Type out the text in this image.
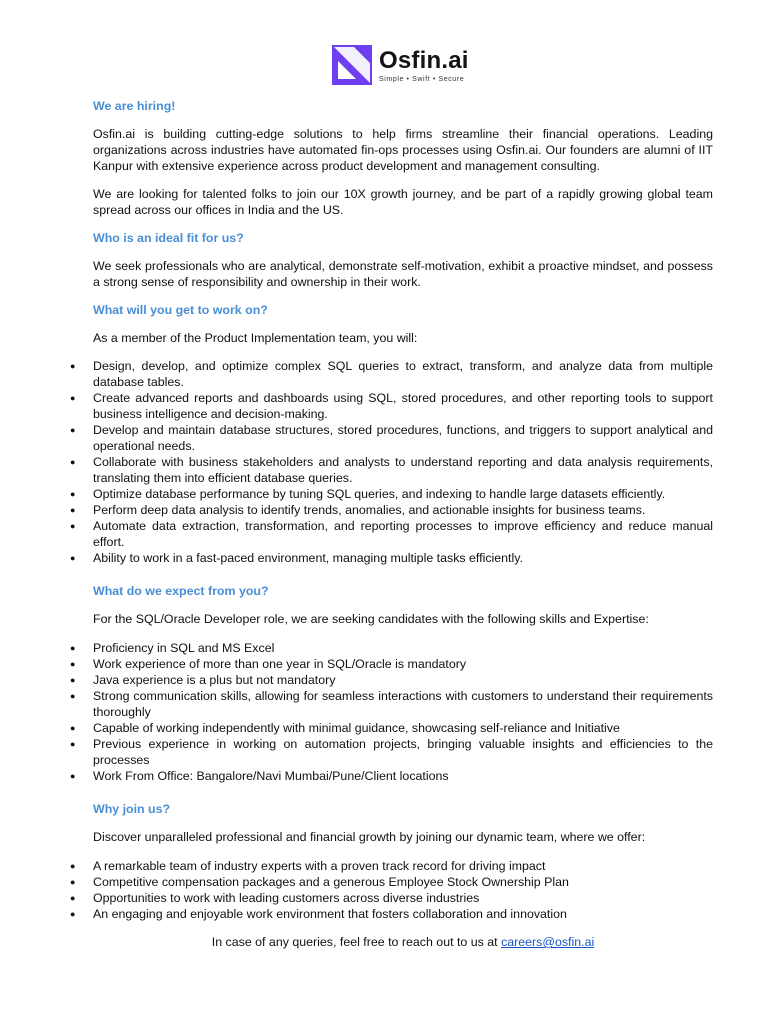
Osfin.ai
Simple • Swift • Secure
We are hiring!

Osfin.ai is building cutting-edge solutions to help firms streamline their financial operations. Leading organizations across industries have automated fin-ops processes using Osfin.ai. Our founders are alumni of IIT Kanpur with extensive experience across product development and management consulting.

We are looking for talented folks to join our 10X growth journey, and be part of a rapidly growing global team spread across our offices in India and the US.

Who is an ideal fit for us?

We seek professionals who are analytical, demonstrate self-motivation, exhibit a proactive mindset, and possess a strong sense of responsibility and ownership in their work.

What will you get to work on?

As a member of the Product Implementation team, you will:

● Design, develop, and optimize complex SQL queries to extract, transform, and analyze data from multiple database tables.
● Create advanced reports and dashboards using SQL, stored procedures, and other reporting tools to support business intelligence and decision-making.
● Develop and maintain database structures, stored procedures, functions, and triggers to support analytical and operational needs.
● Collaborate with business stakeholders and analysts to understand reporting and data analysis requirements, translating them into efficient database queries.
● Optimize database performance by tuning SQL queries, and indexing to handle large datasets efficiently.
● Perform deep data analysis to identify trends, anomalies, and actionable insights for business teams.
● Automate data extraction, transformation, and reporting processes to improve efficiency and reduce manual effort.
● Ability to work in a fast-paced environment, managing multiple tasks efficiently.
What do we expect from you?

For the SQL/Oracle Developer role, we are seeking candidates with the following skills and Expertise:

● Proficiency in SQL and MS Excel
● Work experience of more than one year in SQL/Oracle is mandatory
● Java experience is a plus but not mandatory
● Strong communication skills, allowing for seamless interactions with customers to understand their requirements thoroughly
● Capable of working independently with minimal guidance, showcasing self-reliance and Initiative
● Previous experience in working on automation projects, bringing valuable insights and efficiencies to the processes
● Work From Office: Bangalore/Navi Mumbai/Pune/Client locations
Why join us?

Discover unparalleled professional and financial growth by joining our dynamic team, where we offer:

● A remarkable team of industry experts with a proven track record for driving impact
● Competitive compensation packages and a generous Employee Stock Ownership Plan
● Opportunities to work with leading customers across diverse industries
● An engaging and enjoyable work environment that fosters collaboration and innovation
In case of any queries, feel free to reach out to us at careers@osfin.ai
